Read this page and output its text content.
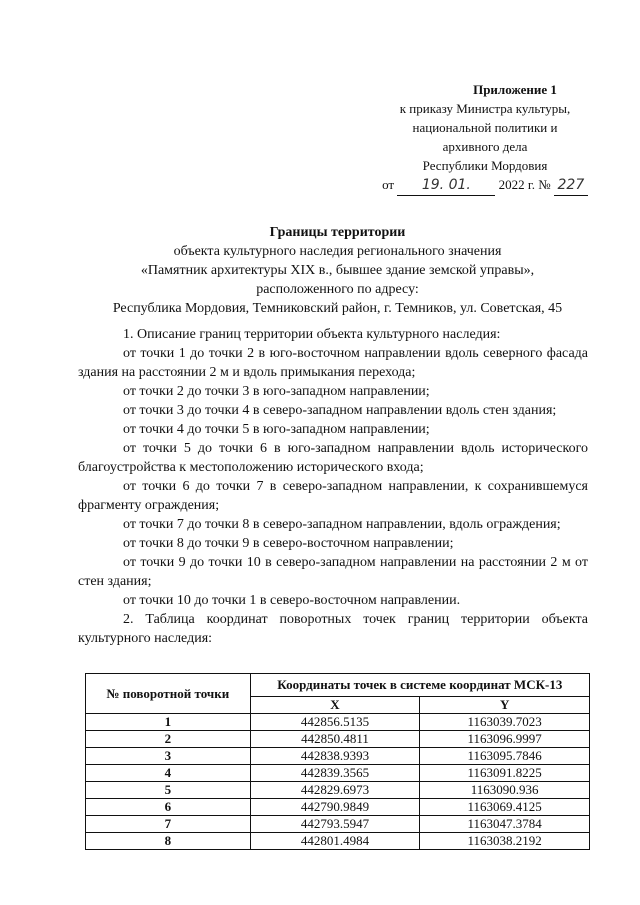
Приложение 1
к приказу Министра культуры,
национальной политики и
архивного дела
Республики Мордовия
от 19. 01. 2022 г. № 227
Границы территории
объекта культурного наследия регионального значения
«Памятник архитектуры XIX в., бывшее здание земской управы»,
расположенного по адресу:
Республика Мордовия, Темниковский район, г. Темников, ул. Советская, 45

1. Описание границ территории объекта культурного наследия:

от точки 1 до точки 2 в юго-восточном направлении вдоль северного фасада здания на расстоянии 2 м и вдоль примыкания перехода;

от точки 2 до точки 3 в юго-западном направлении;

от точки 3 до точки 4 в северо-западном направлении вдоль стен здания;

от точки 4 до точки 5 в юго-западном направлении;

от точки 5 до точки 6 в юго-западном направлении вдоль исторического благоустройства к местоположению исторического входа;

от точки 6 до точки 7 в северо-западном направлении, к сохранившемуся фрагменту ограждения;

от точки 7 до точки 8 в северо-западном направлении, вдоль ограждения;

от точки 8 до точки 9 в северо-восточном направлении;

от точки 9 до точки 10 в северо-западном направлении на расстоянии 2 м от стен здания;

от точки 10 до точки 1 в северо-восточном направлении.

2. Таблица координат поворотных точек границ территории объекта культурного наследия:

№ поворотной точки	Координаты точек в системе координат МСК-13	
	X	Y
1	442856.5135	1163039.7023
2	442850.4811	1163096.9997
3	442838.9393	1163095.7846
4	442839.3565	1163091.8225
5	442829.6973	1163090.936
6	442790.9849	1163069.4125
7	442793.5947	1163047.3784
8	442801.4984	1163038.2192
